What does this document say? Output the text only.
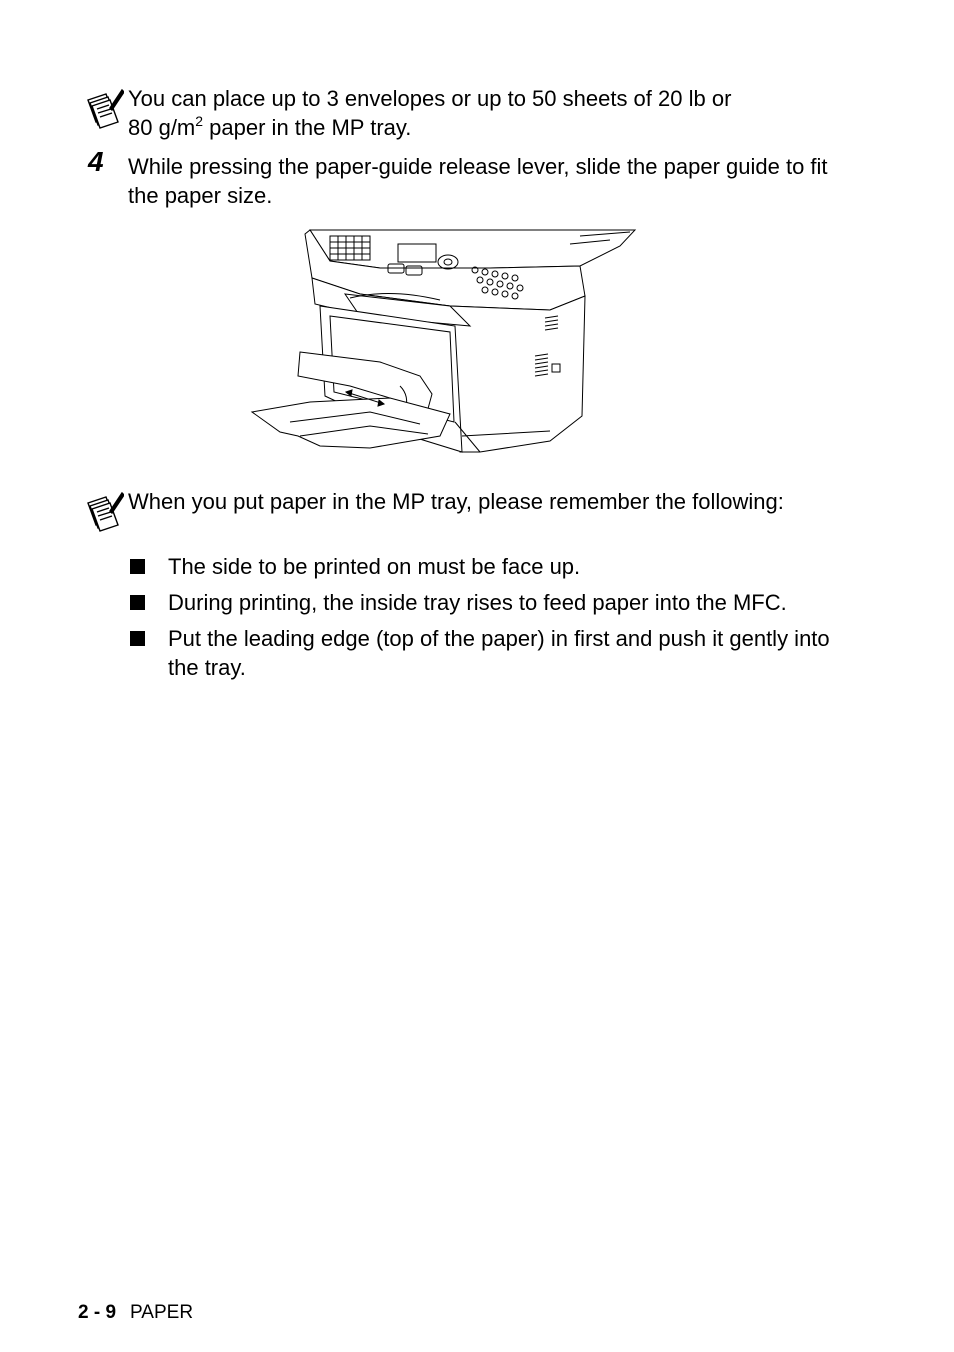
You can place up to 3 envelopes or up to 50 sheets of 20 lb or
80 $g/m^2$ paper in the MP tray.
4 While pressing the paper-guide release lever, slide the paper guide to fit the paper size.
When you put paper in the MP tray, please remember the following:
The side to be printed on must be face up.
During printing, the inside tray rises to feed paper into the MFC.
Put the leading edge (top of the paper) in first and push it gently into the tray.
2 - 9 PAPER
